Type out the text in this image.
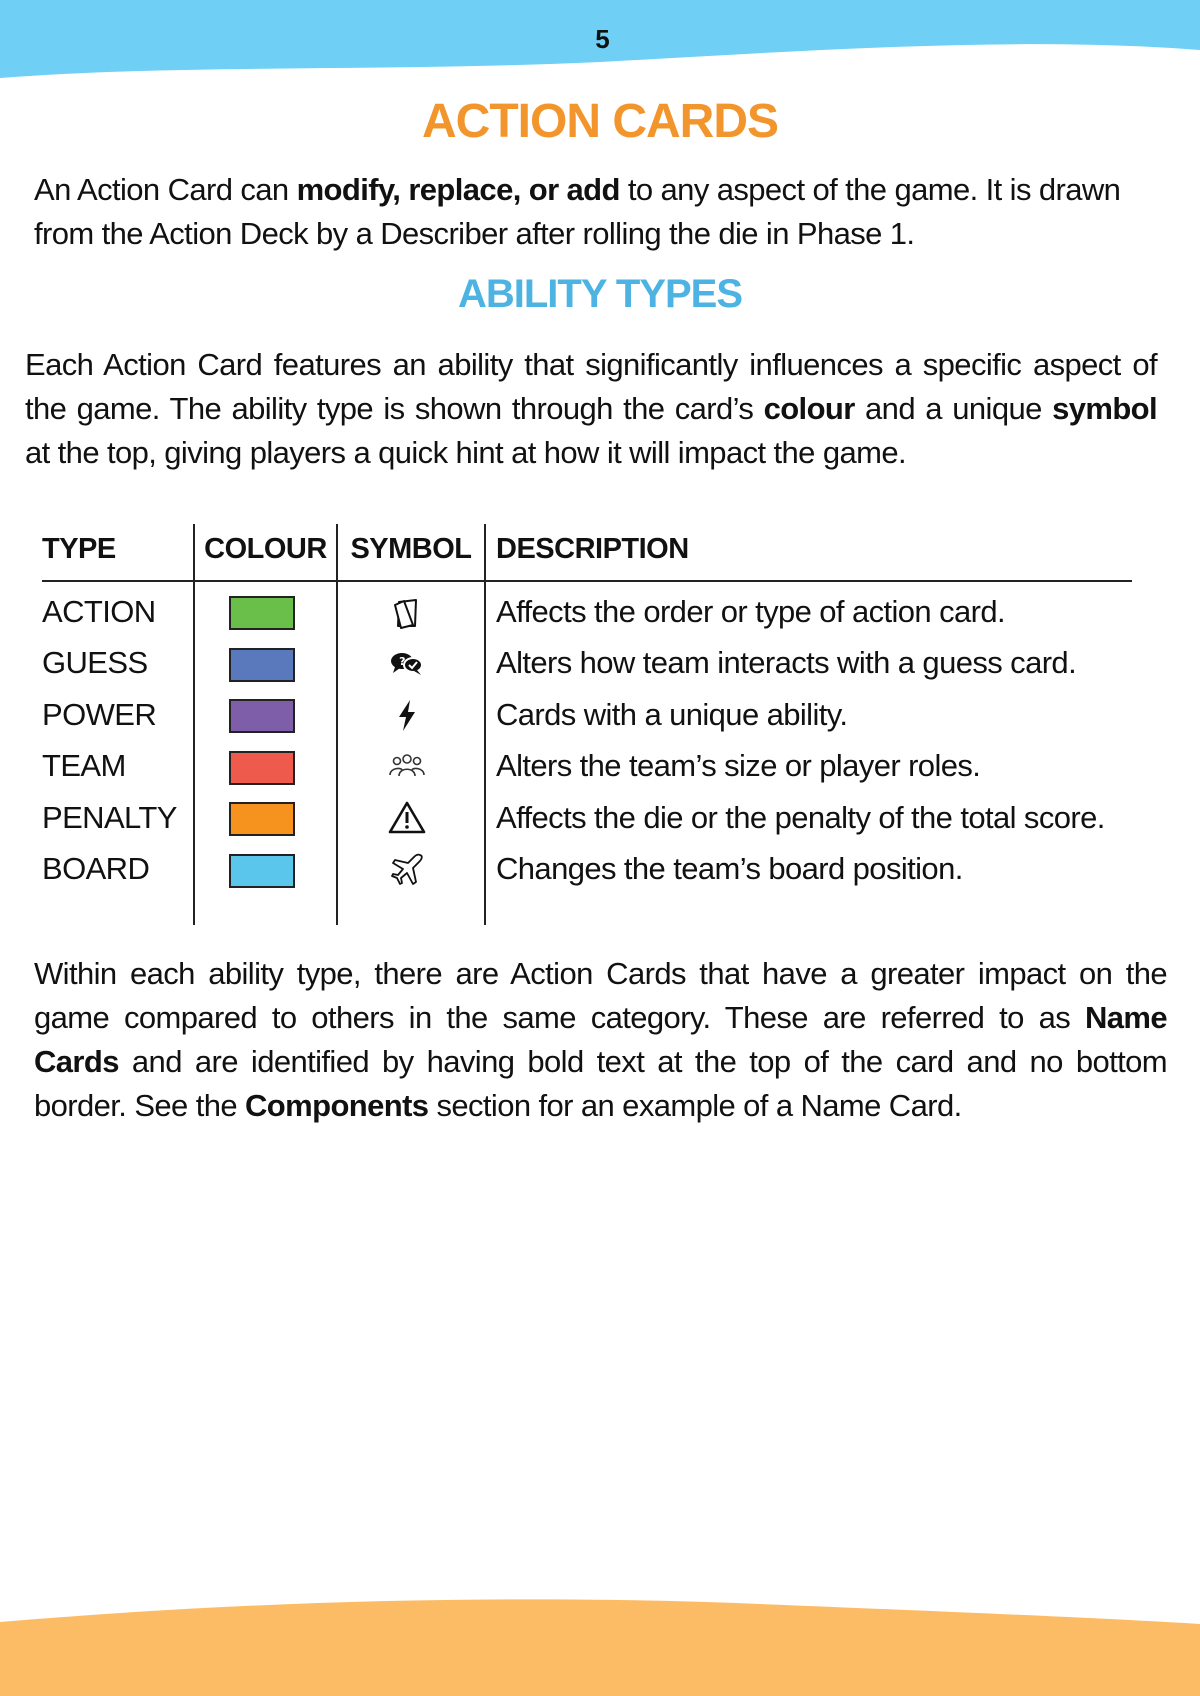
5
ACTION CARDS

An Action Card can modify, replace, or add to any aspect of the game. It is drawn from the Action Deck by a Describer after rolling the die in Phase 1.

ABILITY TYPES

Each Action Card features an ability that significantly influences a specific aspect of the game. The ability type is shown through the card’s colour and a unique symbol at the top, giving players a quick hint at how it will impact the game.

TYPE	COLOUR	SYMBOL	DESCRIPTION
ACTION			Affects the order or type of action card.
GUESS		?	Alters how team interacts with a guess card.
POWER			Cards with a unique ability.
TEAM			Alters the team’s size or player roles.
PENALTY			Affects the die or the penalty of the total score.
BOARD			Changes the team’s board position.

Within each ability type, there are Action Cards that have a greater impact on the game compared to others in the same category. These are referred to as Name Cards and are identified by having bold text at the top of the card and no bottom border. See the Components section for an example of a Name Card.
